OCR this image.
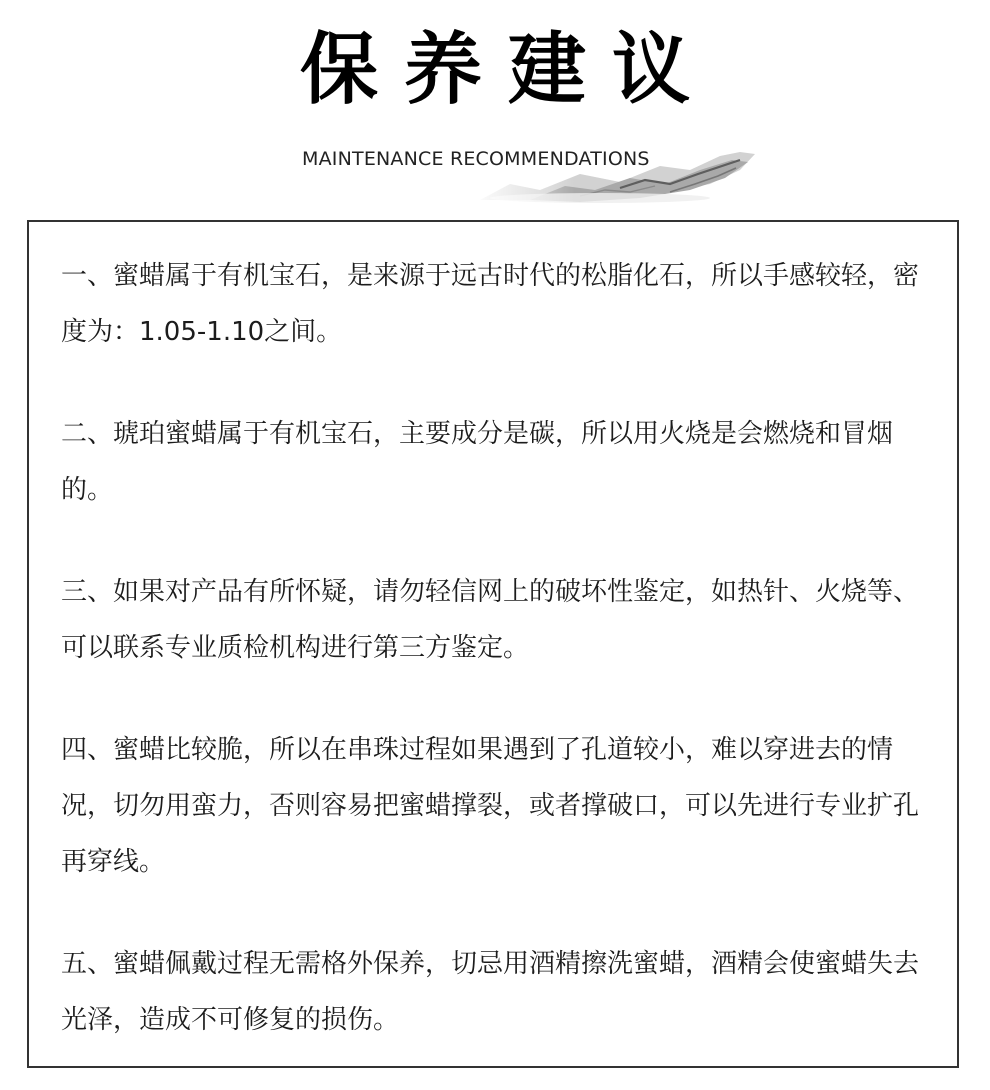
保养建议
MAINTENANCE RECOMMENDATIONS

一、蜜蜡属于有机宝石，是来源于远古时代的松脂化石，所以手感较轻，密度为：1.05-1.10之间。

二、琥珀蜜蜡属于有机宝石，主要成分是碳，所以用火烧是会燃烧和冒烟的。

三、如果对产品有所怀疑，请勿轻信网上的破坏性鉴定，如热针、火烧等、可以联系专业质检机构进行第三方鉴定。

四、蜜蜡比较脆，所以在串珠过程如果遇到了孔道较小，难以穿进去的情况，切勿用蛮力，否则容易把蜜蜡撑裂，或者撑破口，可以先进行专业扩孔再穿线。

五、蜜蜡佩戴过程无需格外保养，切忌用酒精擦洗蜜蜡，酒精会使蜜蜡失去光泽，造成不可修复的损伤。
